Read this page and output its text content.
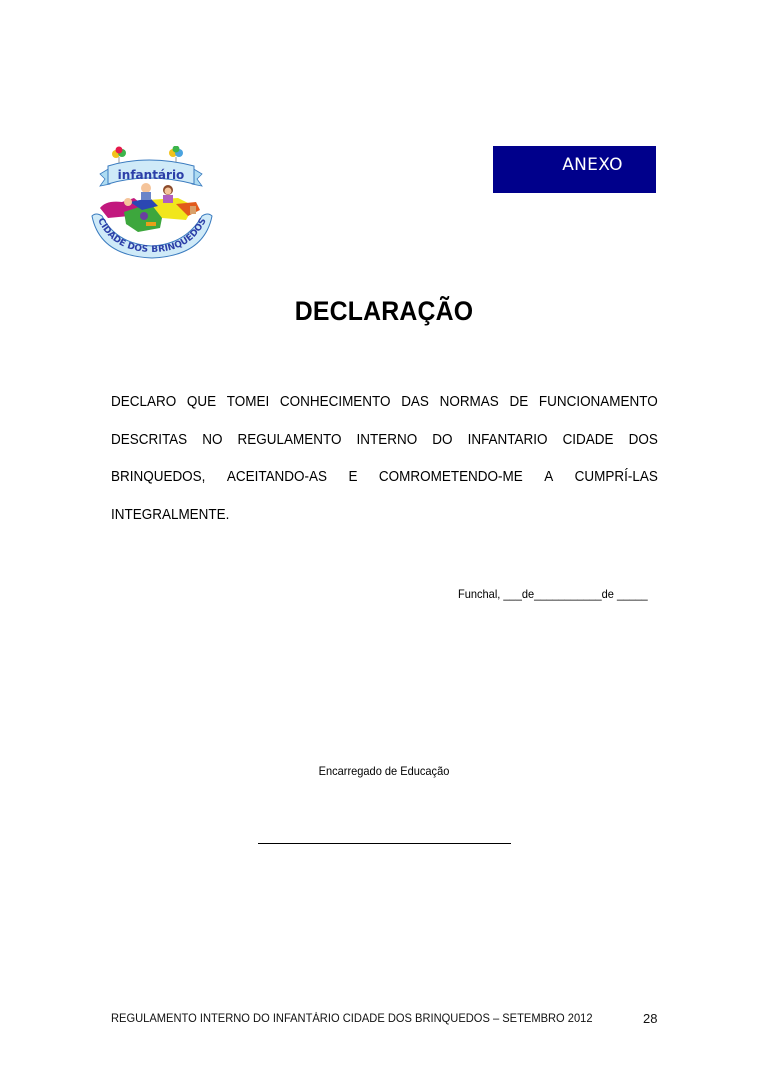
infantário
CIDADE DOS BRINQUEDOS
ANEXO
DECLARAÇÃO
DECLARO QUE TOMEI CONHECIMENTO DAS NORMAS DE FUNCIONAMENTO
DESCRITAS NO REGULAMENTO INTERNO DO INFANTARIO CIDADE DOS
BRINQUEDOS, ACEITANDO-AS E COMROMETENDO-ME A CUMPRÍ-LAS
INTEGRALMENTE.
Funchal, ___de___________de _____
Encarregado de Educação
REGULAMENTO INTERNO DO INFANTÁRIO CIDADE DOS BRINQUEDOS – SETEMBRO 2012	28
